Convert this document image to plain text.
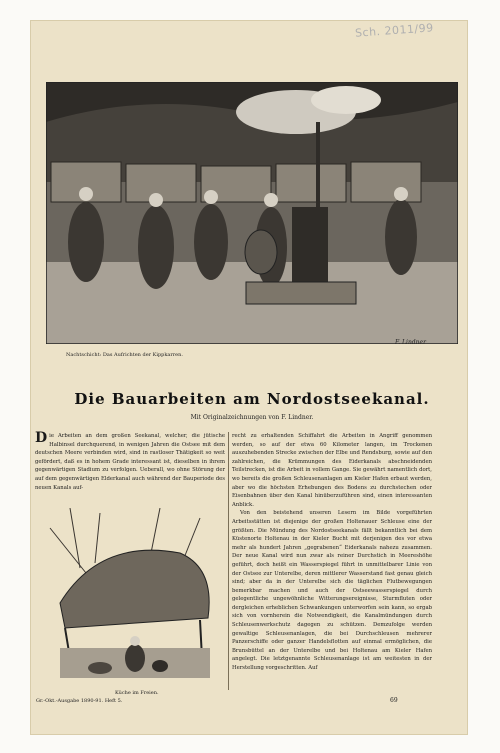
Sch. 2011/99
F. Lindner
Nachtschicht: Das Aufrichten der Kippkarren.
Die Bauarbeiten am Nordostseekanal.
Mit Originalzeichnungen von F. Lindner.

Die Arbeiten an dem großen Seekanal, welcher, die jütische Halbinsel durchquerend, in wenigen Jahren die Ostsee mit dem deutschen Meere verbinden wird, sind in rastloser Thätigkeit so weit gefördert, daß es in hohem Grade interessant ist, dieselben in ihrem gegenwärtigen Stadium zu verfolgen. Ueberall, wo ohne Störung der auf dem gegenwärtigen Elderkanal auch während der Bauperiode des neuen Kanals auf-

recht zu erhaltenden Schiffahrt die Arbeiten in Angriff genommen werden, so auf der etwa 60 Kilometer langen, im Trockenen auszuhebenden Strecke zwischen der Elbe und Rendsburg, sowie auf den zahlreichen, die Krümmungen des Eiderkanals abschneidenden Teilstrecken, ist die Arbeit in vollem Gange. Sie gewährt namentlich dort, wo bereits die großen Schleusenanlagen am Kieler Hafen erbaut werden, aber wo die höchsten Erhebungen des Bodens zu durchstechen oder Eisenbahnen über den Kanal hinüberzuführen sind, einen interessanten Anblick.

Von den beistehend unseren Lesern im Bilde vorgeführten Arbeitsstätten ist diejenige der großen Holtenauer Schleuse eine der größten. Die Mündung des Nordostseekanals fällt bekanntlich bei dem Küstenorte Holtenau in der Kieler Bucht mit derjenigen des vor etwa mehr als hundert Jahren „gegrabenen“ Eiderkanals nahezu zusammen. Der neue Kanal wird nun zwar als reiner Durchstich in Meereshöhe geführt, doch heißt ein Wasserspiegel führt in unmittelbarer Linie von der Ostsee zur Unterelbe, deren mittlerer Wasserstand fast genau gleich sind; aber da in der Unterelbe sich die täglichen Flutbewegungen bemerkbar machen und auch der Ostseewasserspiegel durch gelegentliche ungewöhnliche Witterungsereignisse, Sturmfluten oder dergleichen erheblichen Schwankungen unterworfen sein kann, so ergab sich von vornherein die Notwendigkeit, die Kanalmündungen durch Schleusenwerkschutz dagegen zu schützen. Demzufolge werden gewaltige Schleusenanlagen, die bei Durchschleusen mehrerer Panzerschiffe oder ganzer Handelsflotten auf einmal ermöglichen, die Brunsbüttel an der Unterelbe und bei Holtenau am Kieler Hafen angelegt. Die letztgenannte Schleusenanlage ist am weitesten in der Herstellung vorgeschritten. Auf

Küche im Freien.
Gr.-Okt.-Ausgabe 1890-91. Heft 5.	69
